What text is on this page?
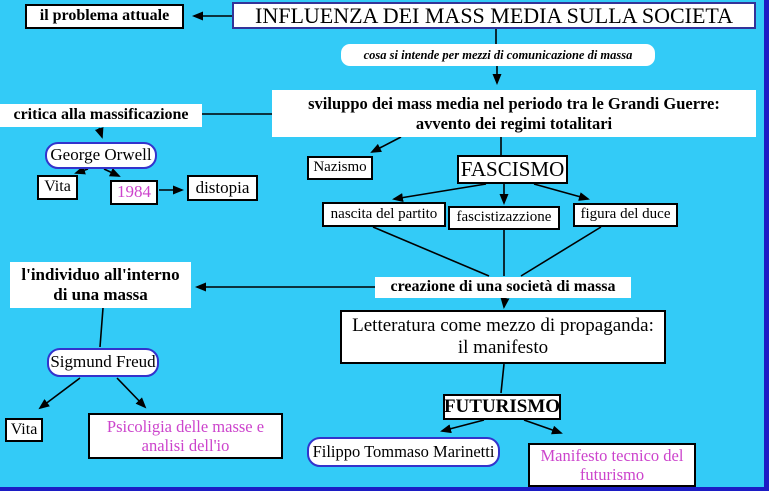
INFLUENZA DEI MASS MEDIA SULLA SOCIETA
il problema attuale
cosa si intende per mezzi di comunicazione di massa
sviluppo dei mass media nel periodo tra le Grandi Guerre:
avvento dei regimi totalitari
critica alla massificazione
George Orwell
Vita	1984	distopia
Nazismo	FASCISMO
nascita del partito fascistizazzione figura del duce
l'individuo all'interno
di una massa	creazione di una società di massa
Letteratura come mezzo di propaganda:
il manifesto
Sigmund Freud
Vita	Psicoligia delle masse e
analisi dell'io
FUTURISMO
Filippo Tommaso Marinetti	Manifesto tecnico del
futurismo
